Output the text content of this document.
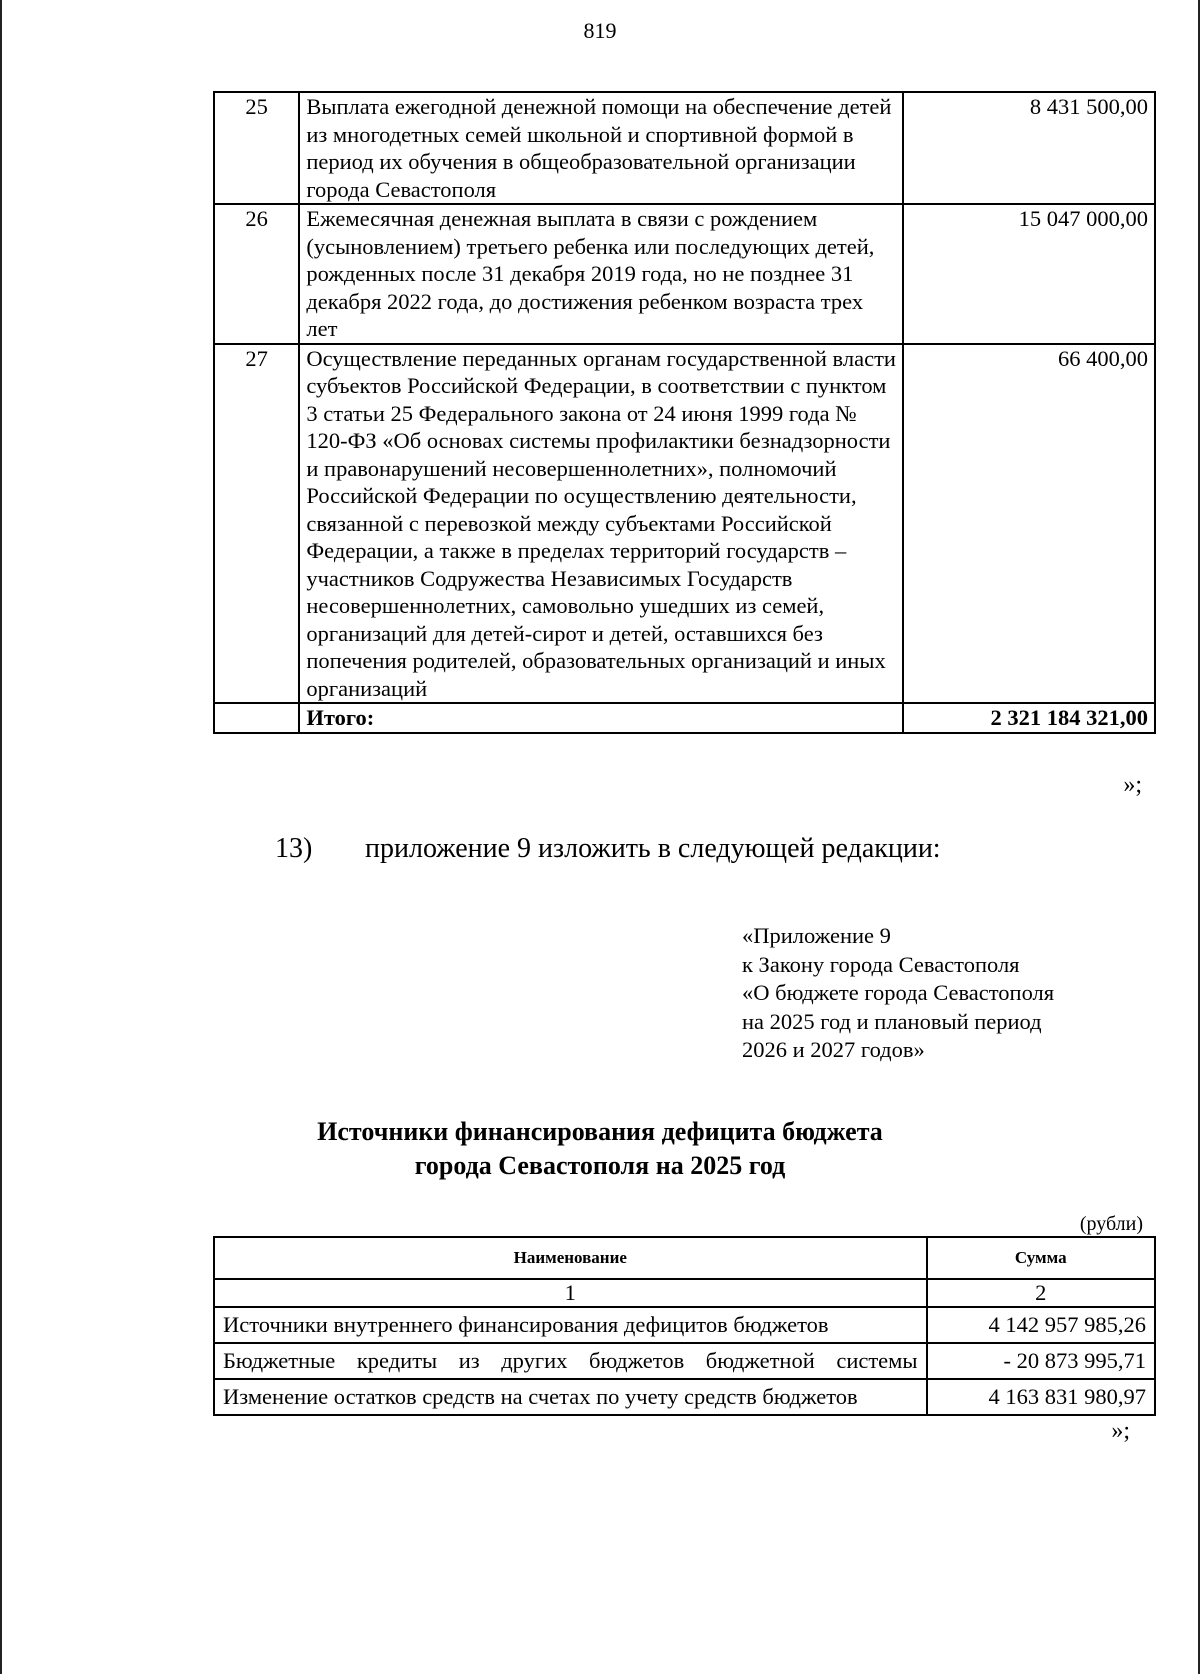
819
25	Выплата ежегодной денежной помощи на обеспечение детей из многодетных семей школьной и спортивной формой в период их обучения в общеобразовательной организации города Севастополя	8 431 500,00
26	Ежемесячная денежная выплата в связи с рождением (усыновлением) третьего ребенка или последующих детей, рожденных после 31 декабря 2019 года, но не позднее 31 декабря 2022 года, до достижения ребенком возраста трех лет	15 047 000,00
27	Осуществление переданных органам государственной власти субъектов Российской Федерации, в соответствии с пунктом 3 статьи 25 Федерального закона от 24 июня 1999 года № 120-ФЗ «Об основах системы профилактики безнадзорности и правонарушений несовершеннолетних», полномочий Российской Федерации по осуществлению деятельности, связанной с перевозкой между субъектами Российской Федерации, а также в пределах территорий государств – участников Содружества Независимых Государств несовершеннолетних, самовольно ушедших из семей, организаций для детей-сирот и детей, оставшихся без попечения родителей, образовательных организаций и иных организаций	66 400,00
	Итого:	2 321 184 321,00
»;
13) приложение 9 изложить в следующей редакции:
«Приложение 9
к Закону города Севастополя
«О бюджете города Севастополя
на 2025 год и плановый период
2026 и 2027 годов»
Источники финансирования дефицита бюджета
города Севастополя на 2025 год
(рубли)
Наименование	Сумма
1	2
Источники внутреннего финансирования дефицитов бюджетов	4 142 957 985,26
Бюджетные кредиты из других бюджетов бюджетной системы	- 20 873 995,71
Изменение остатков средств на счетах по учету средств бюджетов	4 163 831 980,97
»;
